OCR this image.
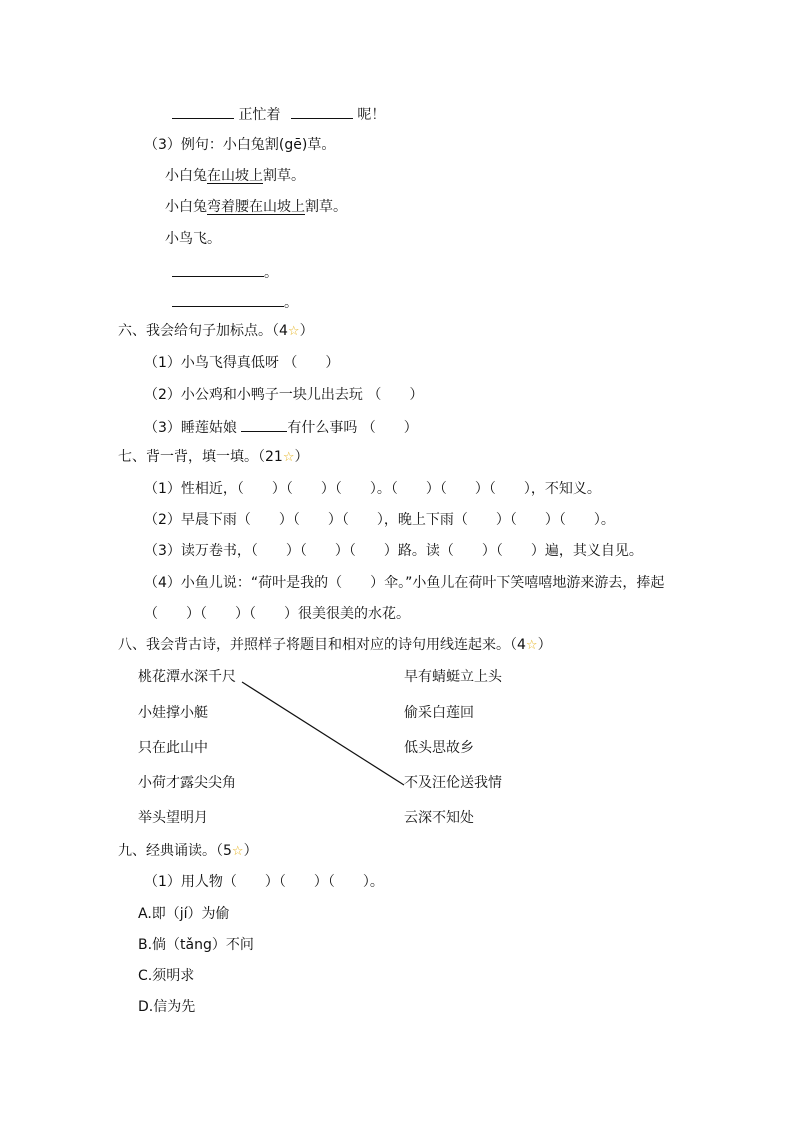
正忙着	呢！
（3）例句：小白兔割(gē)草。
小白兔在山坡上割草。
小白兔弯着腰在山坡上割草。
小鸟飞。
。
。
六、我会给句子加标点。（4☆）
（1）小鸟飞得真低呀 （　　）
（2）小公鸡和小鸭子一块儿出去玩 （　　）
（3）睡莲姑娘	有什么事吗 （　　）
七、背一背，填一填。（21☆）
（1）性相近，（　　）（　　）（　　）。（　　）（　　）（　　），不知义。
（2）早晨下雨（　　）（　　）（　　），晚上下雨（　　）（　　）（　　）。
（3）读万卷书，（　　）（　　）（　　）路。读（　　）（　　）遍，其义自见。
（4）小鱼儿说：“荷叶是我的（　　）伞。”小鱼儿在荷叶下笑嘻嘻地游来游去，捧起
（　　）（　　）（　　）很美很美的水花。
八、我会背古诗，并照样子将题目和相对应的诗句用线连起来。（4☆）
桃花潭水深千尺
小娃撑小艇
只在此山中
小荷才露尖尖角
举头望明月
早有蜻蜓立上头
偷采白莲回
低头思故乡
不及汪伦送我情
云深不知处
九、经典诵读。（5☆）
（1）用人物（　　）（　　）（　　）。
A.即（jí）为偷
B.倘（tǎng）不问
C.须明求
D.信为先
